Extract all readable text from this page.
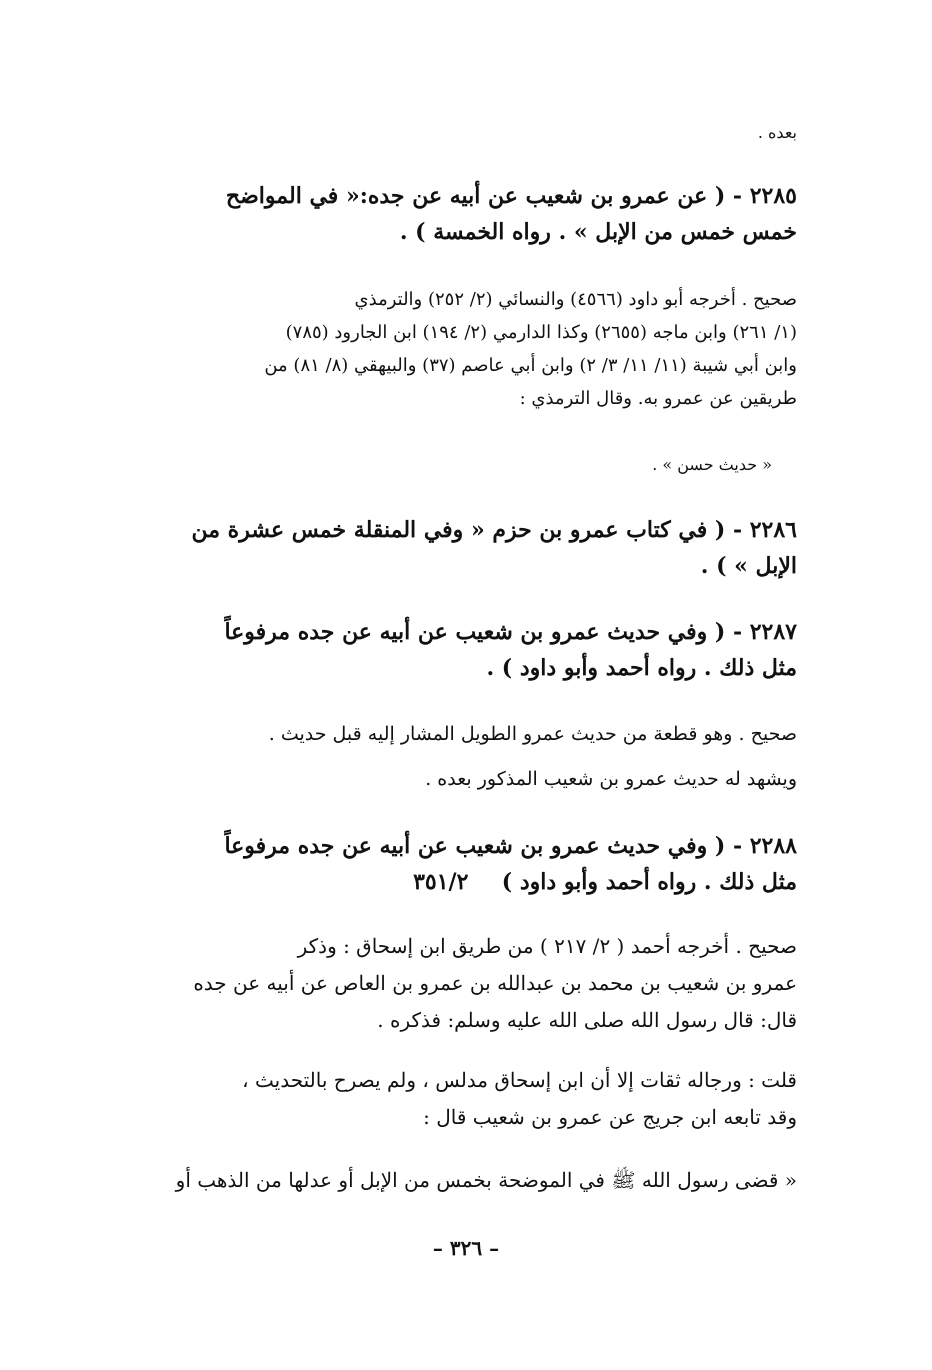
بعده .
٢٢٨٥ - ( عن عمرو بن شعيب عن أبيه عن جده:« في المواضح
خمس خمس من الإبل » . رواه الخمسة ) .
صحيح . أخرجه أبو داود (٤٥٦٦) والنسائي (٢/ ٢٥٢) والترمذي
(١/ ٢٦١) وابن ماجه (٢٦٥٥) وكذا الدارمي (٢/ ١٩٤) ابن الجارود (٧٨٥)
وابن أبي شيبة (١١/ ١١/ ٣/ ٢) وابن أبي عاصم (٣٧) والبيهقي (٨/ ٨١) من
طريقين عن عمرو به. وقال الترمذي :
« حديث حسن » .
٢٢٨٦ - ( في كتاب عمرو بن حزم « وفي المنقلة خمس عشرة من
الإبل » ) .
٢٢٨٧ - ( وفي حديث عمرو بن شعيب عن أبيه عن جده مرفوعاً
مثل ذلك . رواه أحمد وأبو داود ) .
صحيح . وهو قطعة من حديث عمرو الطويل المشار إليه قبل حديث .
ويشهد له حديث عمرو بن شعيب المذكور بعده .
٢٢٨٨ - ( وفي حديث عمرو بن شعيب عن أبيه عن جده مرفوعاً
مثل ذلك . رواه أحمد وأبو داود )  ٣٥١/٢
صحيح . أخرجه أحمد ( ٢/ ٢١٧ ) من طريق ابن إسحاق : وذكر
عمرو بن شعيب بن محمد بن عبدالله بن عمرو بن العاص عن أبيه عن جده
قال: قال رسول الله صلى الله عليه وسلم: فذكره .
قلت : ورجاله ثقات إلا أن ابن إسحاق مدلس ، ولم يصرح بالتحديث ،
وقد تابعه ابن جريج عن عمرو بن شعيب قال :
« قضى رسول الله ﷺ في الموضحة بخمس من الإبل أو عدلها من الذهب أو
– ٣٢٦ –
